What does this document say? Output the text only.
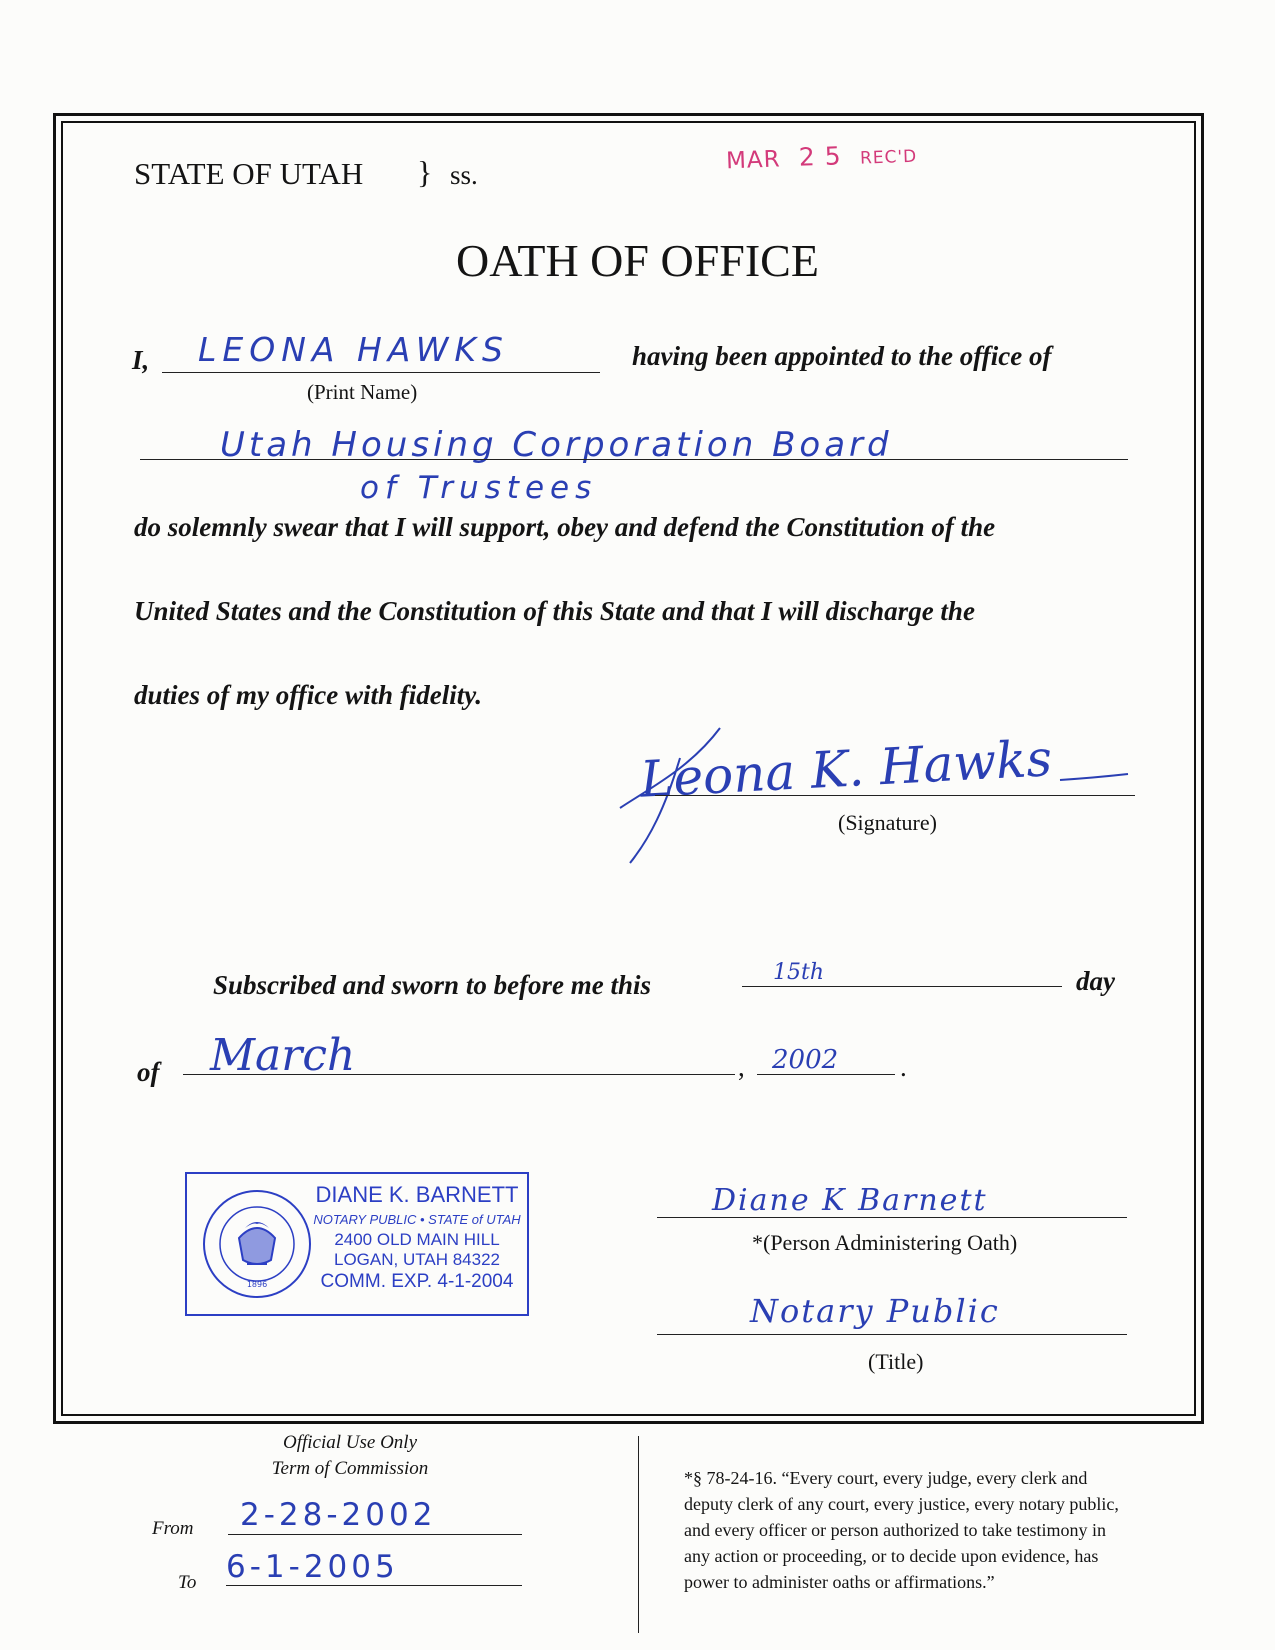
STATE OF UTAH } ss.	MAR 2 5 REC'D
OATH OF OFFICE
I, LEONA HAWKS
(Print Name)
having been appointed to the office of
Utah Housing Corporation Board
of Trustees
do solemnly swear that I will support, obey and defend the Constitution of the
United States and the Constitution of this State and that I will discharge the
duties of my office with fidelity.
Leona K. Hawks
(Signature)
Subscribed and sworn to before me this	15th	day
of March	, 2002 .
1896
DIANE K. BARNETT
NOTARY PUBLIC • STATE of UTAH
2400 OLD MAIN HILL
LOGAN, UTAH 84322
COMM. EXP. 4-1-2004
Diane K Barnett
*(Person Administering Oath)
Notary Public
(Title)
Official Use Only
Term of Commission
From 2-28-2002
To 6-1-2005
*§ 78-24-16. “Every court, every judge, every clerk and
deputy clerk of any court, every justice, every notary public,
and every officer or person authorized to take testimony in
any action or proceeding, or to decide upon evidence, has
power to administer oaths or affirmations.”
